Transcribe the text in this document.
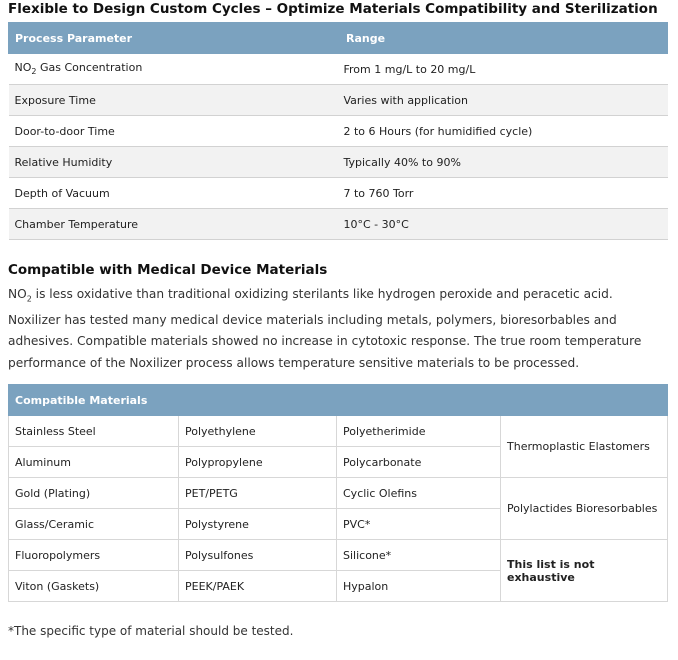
Flexible to Design Custom Cycles – Optimize Materials Compatibility and Sterilization
Process Parameter	Range
$NO_2$ Gas Concentration	From 1 mg/L to 20 mg/L
Exposure Time	Varies with application
Door-to-door Time	2 to 6 Hours (for humidified cycle)
Relative Humidity	Typically 40% to 90%
Depth of Vacuum	7 to 760 Torr
Chamber Temperature	10°C - 30°C
Compatible with Medical Device Materials

$NO_2$ is less oxidative than traditional oxidizing sterilants like hydrogen peroxide and peracetic acid. Noxilizer has tested many medical device materials including metals, polymers, bioresorbables and adhesives. Compatible materials showed no increase in cytotoxic response. The true room temperature performance of the Noxilizer process allows temperature sensitive materials to be processed.

Compatible Materials			
Stainless Steel	Polyethylene	Polyetherimide	Thermoplastic Elastomers
Aluminum	Polypropylene	Polycarbonate	
Gold (Plating)	PET/PETG	Cyclic Olefins	Polylactides Bioresorbables
Glass/Ceramic	Polystyrene	PVC*	
Fluoropolymers	Polysulfones	Silicone*	This list is not exhaustive
Viton (Gaskets)	PEEK/PAEK	Hypalon	

*The specific type of material should be tested.
